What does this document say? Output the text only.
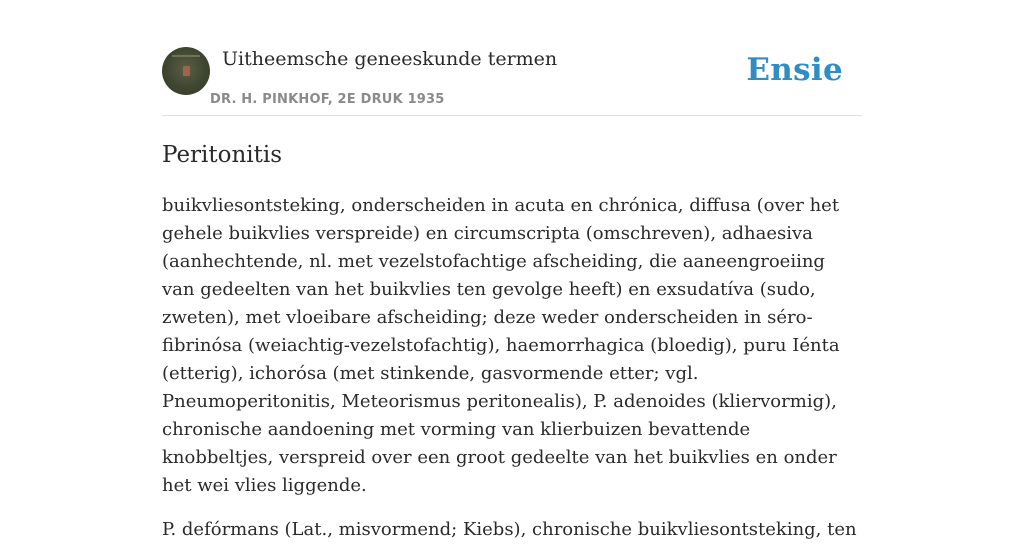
Uitheemsche geneeskunde termen
DR. H. PINKHOF, 2E DRUK 1935
Ensie
Peritonitis

buikvliesontsteking, onderscheiden in acuta en chrónica, diffusa (over het gehele buikvlies verspreide) en circumscripta (omschreven), adhaesiva (aanhechtende, nl. met vezelstofachtige afscheiding, die aaneengroeiing van gedeelten van het buikvlies ten gevolge heeft) en exsudatíva (sudo, zweten), met vloeibare afscheiding; deze weder onderscheiden in séro-fibrinósa (weiachtig-vezelstofachtig), haemorrhagica (bloedig), puru Iénta (etterig), ichorósa (met stinkende, gasvormende etter; vgl. Pneumoperitonitis, Meteorismus peritonealis), P. adenoides (kliervormig), chronische aandoening met vorming van klierbuizen bevattende knobbeltjes, verspreid over een groot gedeelte van het buikvlies en onder het wei vlies liggende.

P. defórmans (Lat., misvormend; Kiebs), chronische buikvliesontsteking, ten
